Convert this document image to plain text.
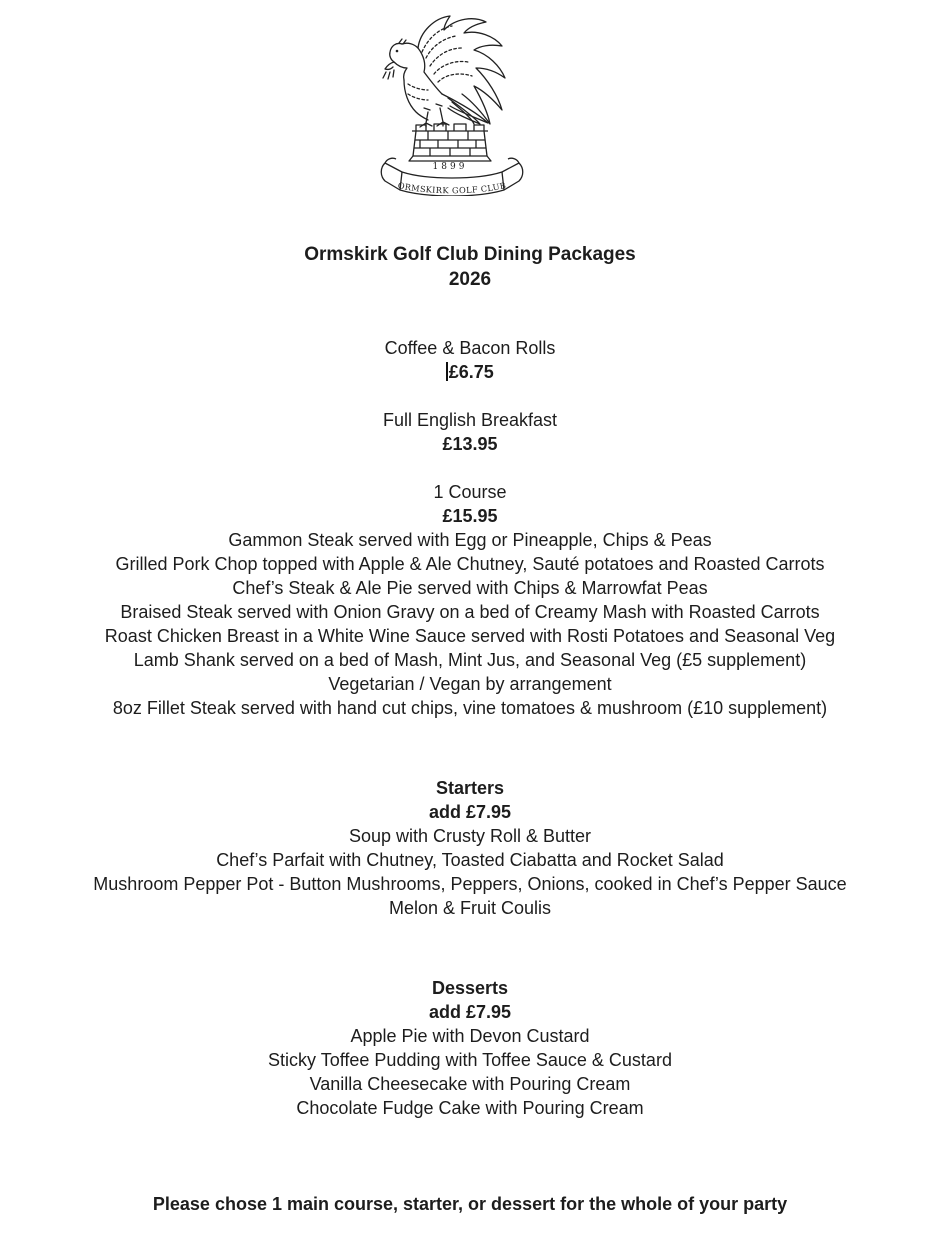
1899
ORMSKIRK GOLF CLUB

Ormskirk Golf Club Dining Packages

2026

Coffee & Bacon Rolls

£6.75

Full English Breakfast

£13.95

1 Course

£15.95

Gammon Steak served with Egg or Pineapple, Chips & Peas

Grilled Pork Chop topped with Apple & Ale Chutney, Sauté potatoes and Roasted Carrots

Chef’s Steak & Ale Pie served with Chips & Marrowfat Peas

Braised Steak served with Onion Gravy on a bed of Creamy Mash with Roasted Carrots

Roast Chicken Breast in a White Wine Sauce served with Rosti Potatoes and Seasonal Veg

Lamb Shank served on a bed of Mash, Mint Jus, and Seasonal Veg (£5 supplement)

Vegetarian / Vegan by arrangement

8oz Fillet Steak served with hand cut chips, vine tomatoes & mushroom (£10 supplement)

Starters

add £7.95

Soup with Crusty Roll & Butter

Chef’s Parfait with Chutney, Toasted Ciabatta and Rocket Salad

Mushroom Pepper Pot - Button Mushrooms, Peppers, Onions, cooked in Chef’s Pepper Sauce

Melon & Fruit Coulis

Desserts

add £7.95

Apple Pie with Devon Custard

Sticky Toffee Pudding with Toffee Sauce & Custard

Vanilla Cheesecake with Pouring Cream

Chocolate Fudge Cake with Pouring Cream

Please chose 1 main course, starter, or dessert for the whole of your party
